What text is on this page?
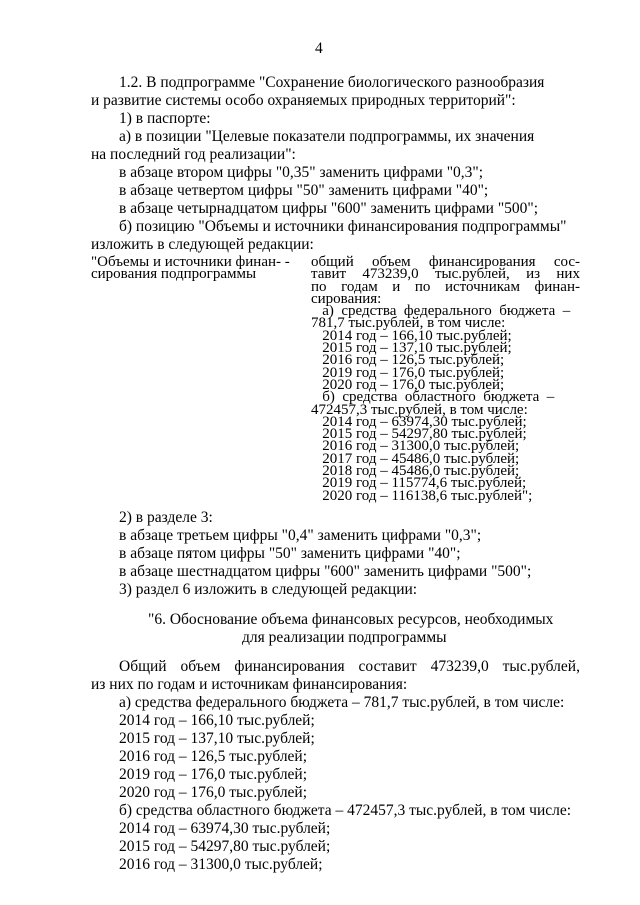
4
1.2. В подпрограмме "Сохранение биологического разнообразия
и развитие системы особо охраняемых природных территорий":
1) в паспорте:
а) в позиции "Целевые показатели подпрограммы, их значения
на последний год реализации":
в абзаце втором цифры "0,35" заменить цифрами "0,3";
в абзаце четвертом цифры "50" заменить цифрами "40";
в абзаце четырнадцатом цифры "600" заменить цифрами "500";
б) позицию "Объемы и источники финансирования подпрограммы"
изложить в следующей редакции:
"Объемы и источники финан- -
сирования подпрограммы
общий объем финансирования сос-
тавит 473239,0 тыс.рублей, из них
по годам и по источникам финан-
сирования:
а)  средства  федерального  бюджета  –
781,7 тыс.рублей, в том числе:
2014 год – 166,10 тыс.рублей;
2015 год – 137,10 тыс.рублей;
2016 год – 126,5 тыс.рублей;
2019 год – 176,0 тыс.рублей;
2020 год – 176,0 тыс.рублей;
б)  средства  областного  бюджета  –
472457,3 тыс.рублей, в том числе:
2014 год – 63974,30 тыс.рублей;
2015 год – 54297,80 тыс.рублей;
2016 год – 31300,0 тыс.рублей;
2017 год – 45486,0 тыс.рублей;
2018 год – 45486,0 тыс.рублей;
2019 год – 115774,6 тыс.рублей;
2020 год – 116138,6 тыс.рублей";
2) в разделе 3:
в абзаце третьем цифры "0,4" заменить цифрами "0,3";
в абзаце пятом цифры "50" заменить цифрами "40";
в абзаце шестнадцатом цифры "600" заменить цифрами "500";
3) раздел 6 изложить в следующей редакции:
"6. Обоснование объема финансовых ресурсов, необходимых
для реализации подпрограммы
Общий объем финансирования составит 473239,0 тыс.рублей,
из них по годам и источникам финансирования:
а) средства федерального бюджета – 781,7 тыс.рублей, в том числе:
2014 год – 166,10 тыс.рублей;
2015 год – 137,10 тыс.рублей;
2016 год – 126,5 тыс.рублей;
2019 год – 176,0 тыс.рублей;
2020 год – 176,0 тыс.рублей;
б) средства областного бюджета – 472457,3 тыс.рублей, в том числе:
2014 год – 63974,30 тыс.рублей;
2015 год – 54297,80 тыс.рублей;
2016 год – 31300,0 тыс.рублей;
